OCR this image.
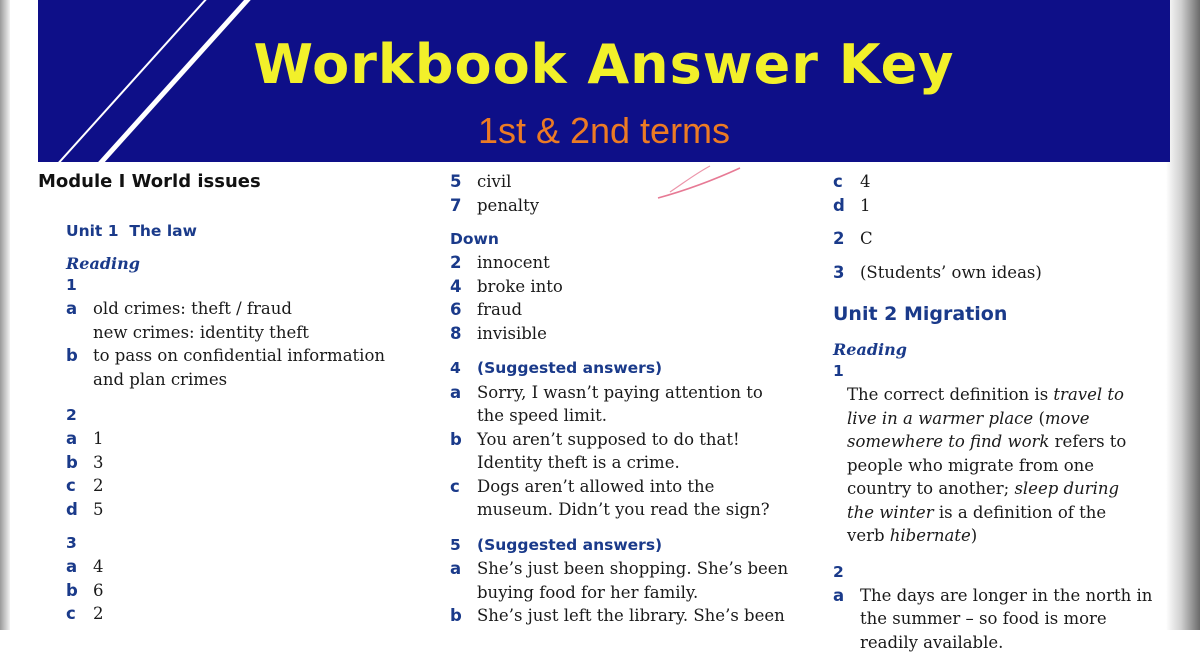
Workbook Answer Key
1st & 2nd terms
Module I World issues
Unit 1 The law
Reading
1
a old crimes: theft / fraud
new crimes: identity theft
b to pass on confidential information and plan crimes
2
a 1
b 3
c	2
d 5
3
a 4
b 6
c	2
5 civil
7 penalty
Down
2 innocent
4 broke into
6 fraud
8 invisible
4	(Suggested answers)
a Sorry, I wasn’t paying attention to the speed limit.
b You aren’t supposed to do that! Identity theft is a crime.
c	Dogs aren’t allowed into the museum. Didn’t you read the sign?
5	(Suggested answers)
a She’s just been shopping. She’s been buying food for her family.
b She’s just left the library. She’s been
c	4
d 1
2 C
3 (Students’ own ideas)
Unit 2 Migration
Reading
1
The correct definition is travel to live in a warmer place (move somewhere to find work refers to people who migrate from one country to another; sleep during the winter is a definition of the verb hibernate)
2
a The days are longer in the north in the summer – so food is more readily available.
